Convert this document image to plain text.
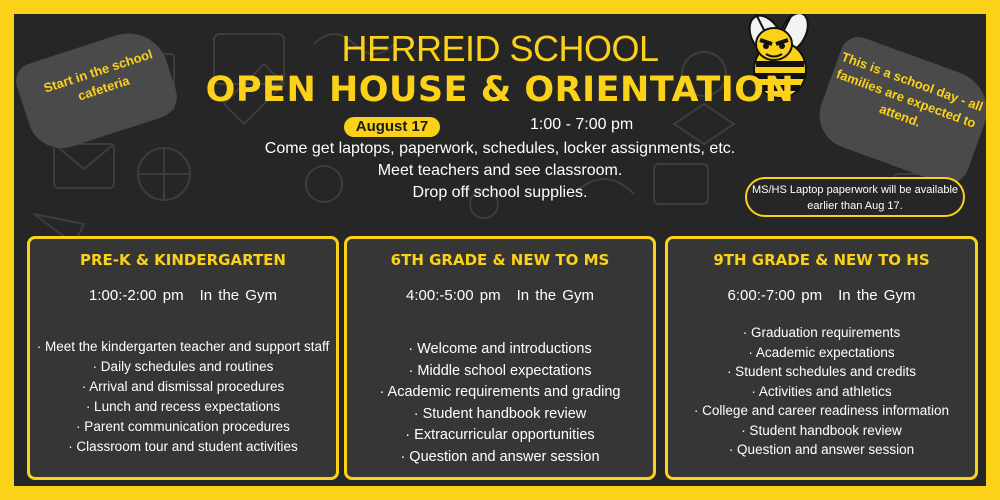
Start in the school cafeteria	This is a school day - all families are expected to attend.
HERREID SCHOOL
OPEN HOUSE & ORIENTATION
August 17	1:00 - 7:00 pm
Come get laptops, paperwork, schedules, locker assignments, etc.
Meet teachers and see classroom.
Drop off school supplies.	MS/HS Laptop paperwork will be available earlier than Aug 17.
PRE-K & KINDERGARTEN
1:00:-2:00 pm In the Gym
· Meet the kindergarten teacher and support staff
· Daily schedules and routines
· Arrival and dismissal procedures
· Lunch and recess expectations
· Parent communication procedures
· Classroom tour and student activities
6TH GRADE & NEW TO MS
4:00:-5:00 pm In the Gym
· Welcome and introductions
· Middle school expectations
· Academic requirements and grading
· Student handbook review
· Extracurricular opportunities
· Question and answer session
9TH GRADE & NEW TO HS
6:00:-7:00 pm In the Gym
· Graduation requirements
· Academic expectations
· Student schedules and credits
· Activities and athletics
· College and career readiness information
· Student handbook review
· Question and answer session
